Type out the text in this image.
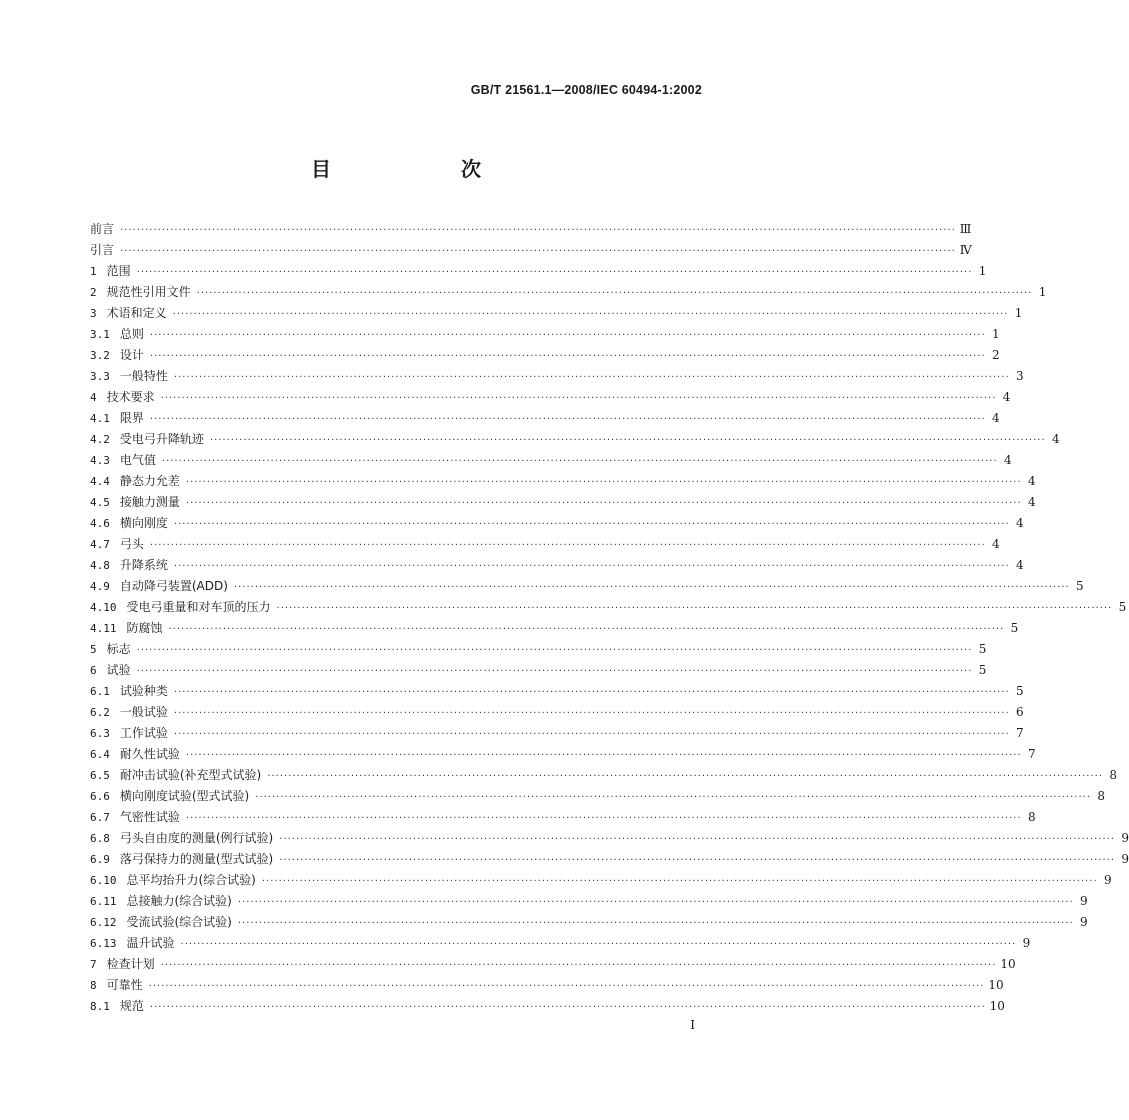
GB/T 21561.1—2008/IEC 60494-1:2002
目　　次
前言 ········································································································································································································ Ⅲ
引言 ········································································································································································································ Ⅳ
1 范围 ········································································································································································································ 1
2 规范性引用文件 ········································································································································································································ 1
3 术语和定义 ········································································································································································································ 1
3.1 总则 ········································································································································································································ 1
3.2 设计 ········································································································································································································ 2
3.3 一般特性 ········································································································································································································ 3
4 技术要求 ········································································································································································································ 4
4.1 限界 ········································································································································································································ 4
4.2 受电弓升降轨迹 ········································································································································································································ 4
4.3 电气值 ········································································································································································································ 4
4.4 静态力允差 ········································································································································································································ 4
4.5 接触力测量 ········································································································································································································ 4
4.6 横向刚度 ········································································································································································································ 4
4.7 弓头 ········································································································································································································ 4
4.8 升降系统 ········································································································································································································ 4
4.9 自动降弓装置(ADD) ········································································································································································································ 5
4.10 受电弓重量和对车顶的压力 ········································································································································································································ 5
4.11 防腐蚀 ········································································································································································································ 5
5 标志 ········································································································································································································ 5
6 试验 ········································································································································································································ 5
6.1 试验种类 ········································································································································································································ 5
6.2 一般试验 ········································································································································································································ 6
6.3 工作试验 ········································································································································································································ 7
6.4 耐久性试验 ········································································································································································································ 7
6.5 耐冲击试验(补充型式试验) ········································································································································································································ 8
6.6 横向刚度试验(型式试验) ········································································································································································································ 8
6.7 气密性试验 ········································································································································································································ 8
6.8 弓头自由度的测量(例行试验) ········································································································································································································ 9
6.9 落弓保持力的测量(型式试验) ········································································································································································································ 9
6.10 总平均抬升力(综合试验) ········································································································································································································ 9
6.11 总接触力(综合试验) ········································································································································································································ 9
6.12 受流试验(综合试验) ········································································································································································································ 9
6.13 温升试验 ········································································································································································································ 9
7 检查计划 ········································································································································································································ 10
8 可靠性 ········································································································································································································ 10
8.1 规范 ········································································································································································································ 10
I
